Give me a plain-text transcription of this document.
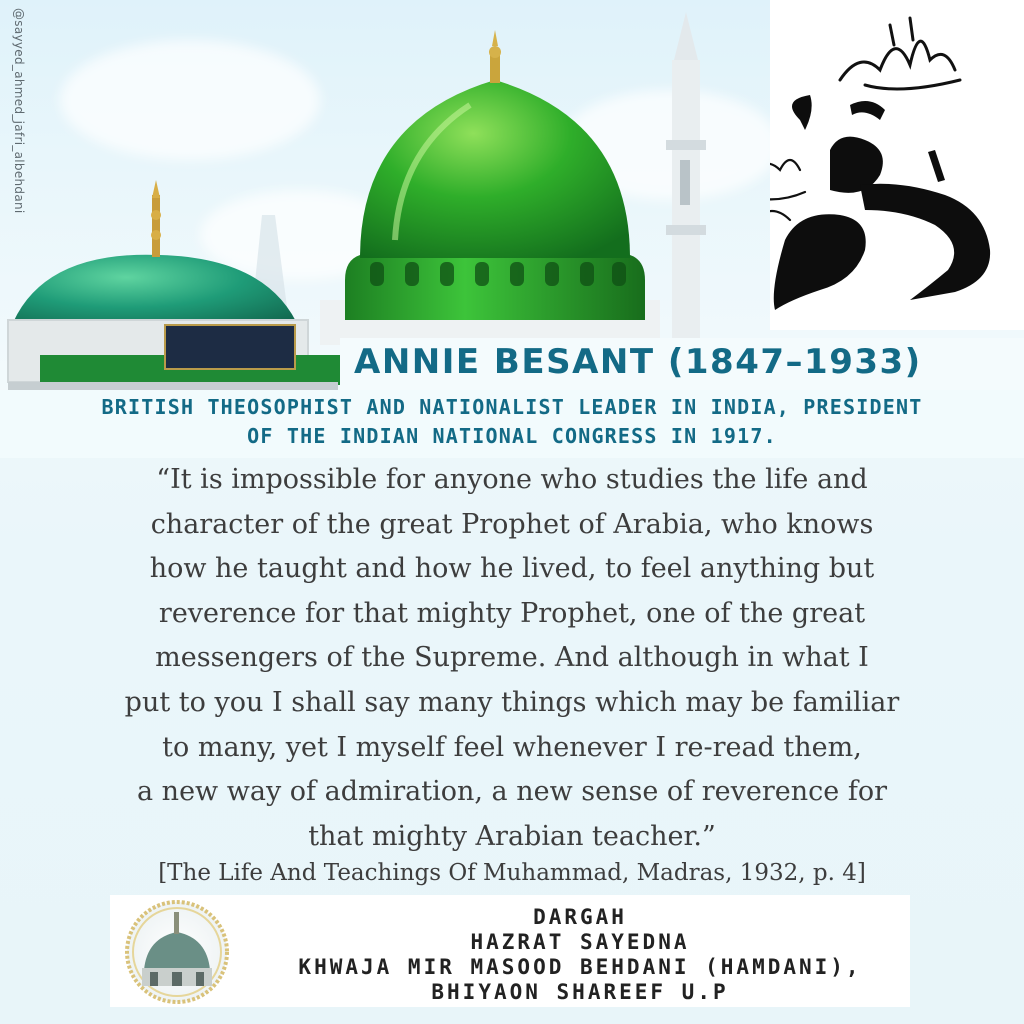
@sayyed_ahmed_jafri_albehdani
ANNIE BESANT (1847–1933)
BRITISH THEOSOPHIST AND NATIONALIST LEADER IN INDIA, PRESIDENT
OF THE INDIAN NATIONAL CONGRESS IN 1917.
“It is impossible for anyone who studies the life and
character of the great Prophet of Arabia, who knows
how he taught and how he lived, to feel anything but
reverence for that mighty Prophet, one of the great
messengers of the Supreme. And although in what I
put to you I shall say many things which may be familiar
to many, yet I myself feel whenever I re-read them,
a new way of admiration, a new sense of reverence for
that mighty Arabian teacher.”
[The Life And Teachings Of Muhammad, Madras, 1932, p. 4]
DARGAH
HAZRAT SAYEDNA
KHWAJA MIR MASOOD BEHDANI (HAMDANI),
BHIYAON SHAREEF U.P
